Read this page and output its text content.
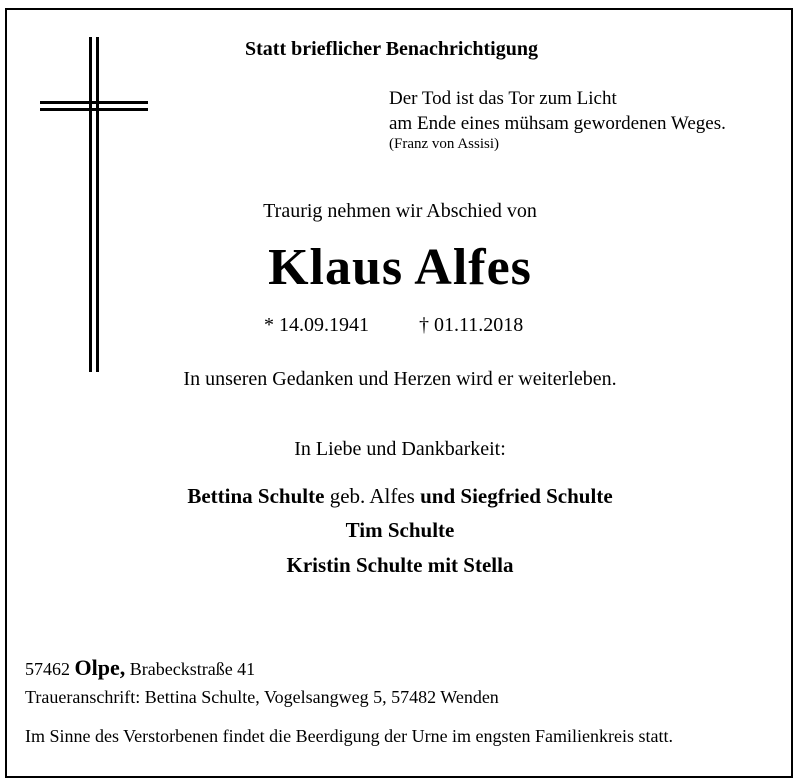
Statt brieflicher Benachrichtigung
Der Tod ist das Tor zum Licht
am Ende eines mühsam gewordenen Weges.
(Franz von Assisi)
Traurig nehmen wir Abschied von
Klaus Alfes
* 14.09.1941	† 01.11.2018
In unseren Gedanken und Herzen wird er weiterleben.
In Liebe und Dankbarkeit:
Bettina Schulte geb. Alfes und Siegfried Schulte
Tim Schulte
Kristin Schulte mit Stella
57462 Olpe, Brabeckstraße 41
Traueranschrift: Bettina Schulte, Vogelsangweg 5, 57482 Wenden
Im Sinne des Verstorbenen findet die Beerdigung der Urne im engsten Familienkreis statt.
